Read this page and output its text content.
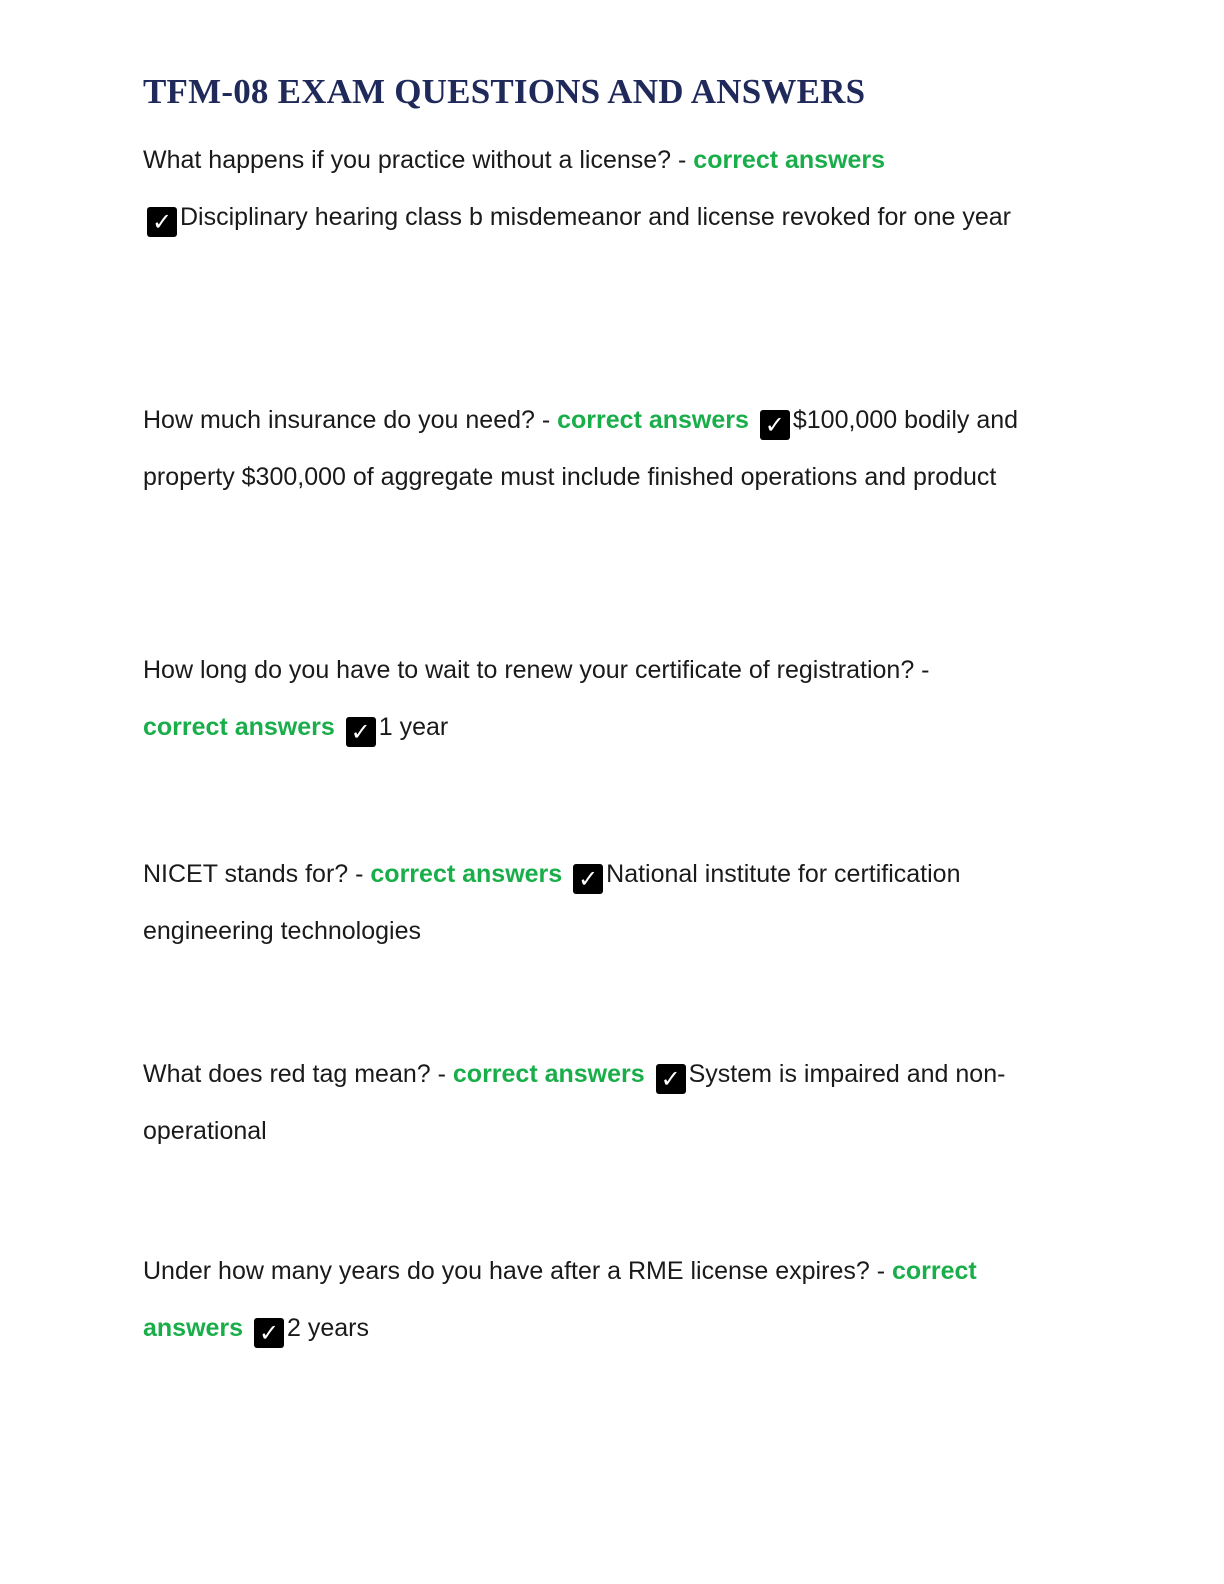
TFM-08 EXAM QUESTIONS AND ANSWERS

What happens if you practice without a license? - correct answers
✓ Disciplinary hearing class b misdemeanor and license revoked for one year

How much insurance do you need? - correct answers ✓ $100,000 bodily and property $300,000 of aggregate must include finished operations and product

How long do you have to wait to renew your certificate of registration? -
correct answers ✓ 1 year

NICET stands for? - correct answers ✓ National institute for certification engineering technologies

What does red tag mean? - correct answers ✓ System is impaired and non-operational

Under how many years do you have after a RME license expires? - correct answers ✓ 2 years
